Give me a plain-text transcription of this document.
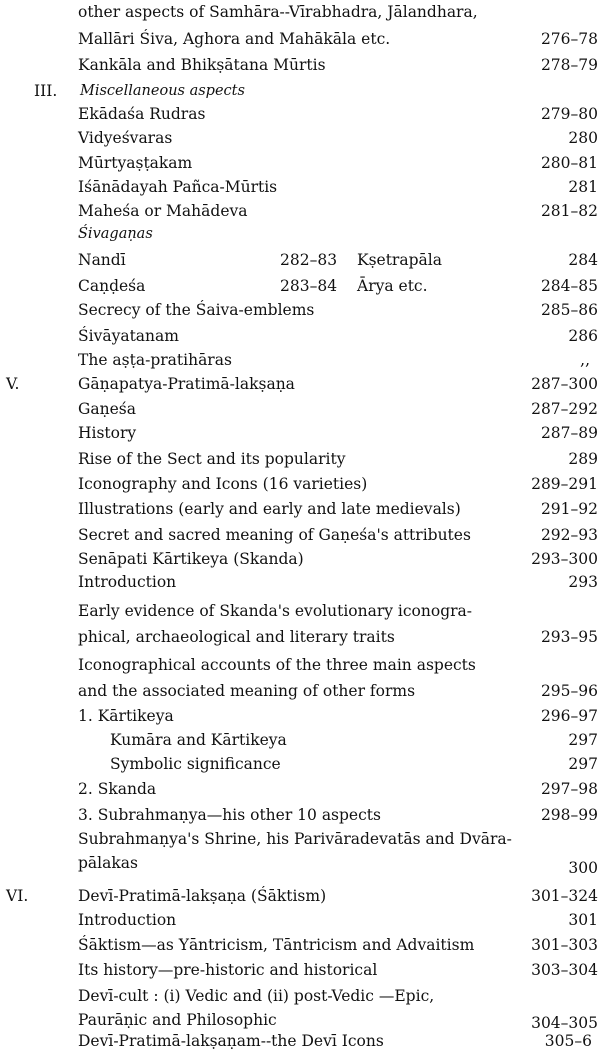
other aspects of Samhāra--Vīrabhadra, Jālandhara,
Mallāri Śiva, Aghora and Mahākāla etc.	276–78
Kankāla and Bhikṣātana Mūrtis	278–79
III. Miscellaneous aspects
Ekādaśa Rudras	279–80
Vidyeśvaras	280
Mūrtyaṣṭakam	280–81
Iśānādayah Pañca-Mūrtis	281
Maheśa or Mahādeva	281–82
Śivagaṇas
Nandī	282–83 Kṣetrapāla	284
Caṇḍeśa	283–84 Ārya etc.	284–85
Secrecy of the Śaiva-emblems	285–86
Śivāyatanam	286
The aṣṭa-pratihāras	,,
V.	Gāṇapatya-Pratimā-lakṣaṇa	287–300
Gaṇeśa	287–292
History	287–89
Rise of the Sect and its popularity	289
Iconography and Icons (16 varieties)	289–291
Illustrations (early and early and late medievals)	291–92
Secret and sacred meaning of Gaṇeśa's attributes	292–93
Senāpati Kārtikeya (Skanda)	293–300
Introduction	293
Early evidence of Skanda's evolutionary iconogra-
phical, archaeological and literary traits	293–95
Iconographical accounts of the three main aspects
and the associated meaning of other forms	295–96
1. Kārtikeya	296–97
Kumāra and Kārtikeya	297
Symbolic significance	297
2. Skanda	297–98
3. Subrahmaṇya—his other 10 aspects	298–99
Subrahmaṇya's Shrine, his Parivāradevatās and Dvāra-
pālakas	300
VI.	Devī-Pratimā-lakṣaṇa (Śāktism)	301–324
Introduction	301
Śāktism—as Yāntricism, Tāntricism and Advaitism	301–303
Its history—pre-historic and historical	303–304
Devī-cult : (i) Vedic and (ii) post-Vedic —Epic,
Paurāṇic and Philosophic	304–305
Devī-Pratimā-lakṣaṇam--the Devī Icons	305–6
